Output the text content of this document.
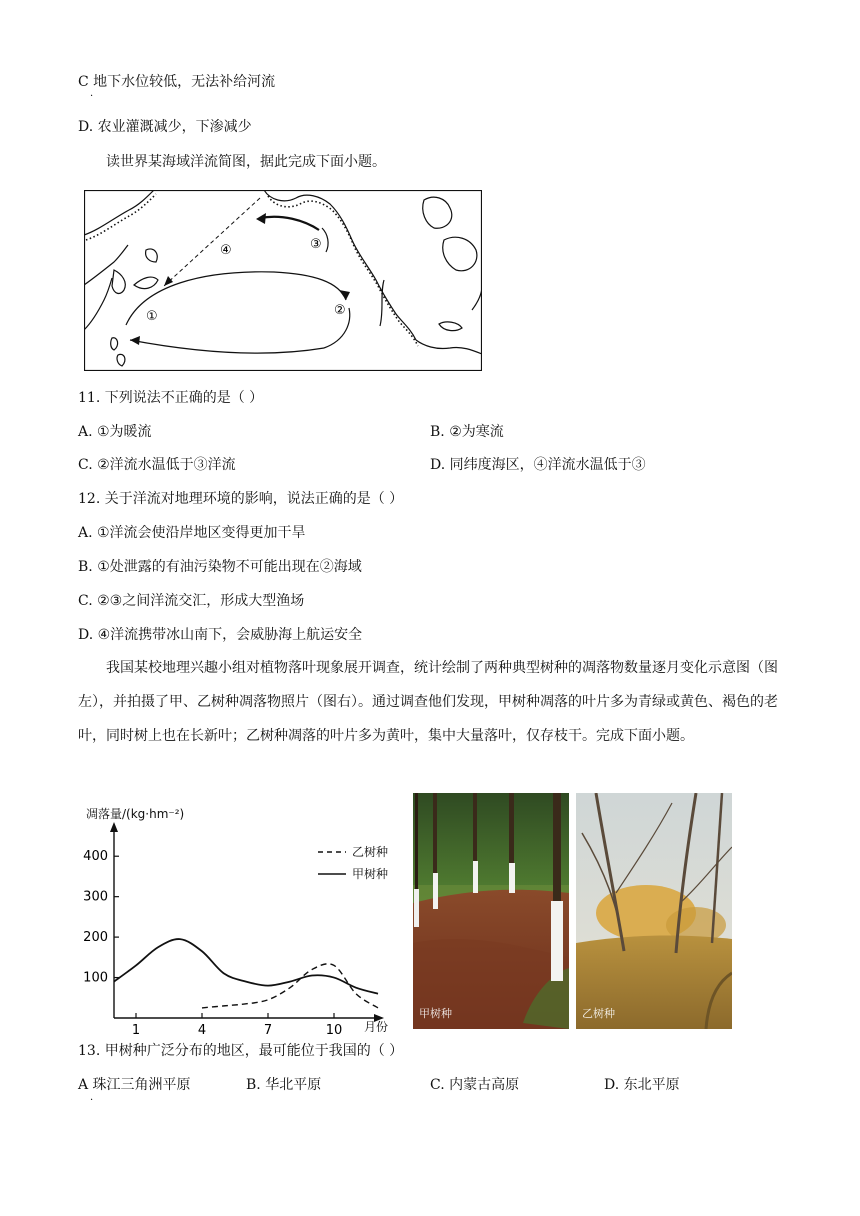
C 地下水位较低，无法补给河流
·
D. 农业灌溉减少，下渗减少
读世界某海域洋流简图，据此完成下面小题。
①	②
③
④
11. 下列说法不正确的是（ ）
A. ①为暖流	B. ②为寒流
C. ②洋流水温低于③洋流	D. 同纬度海区，④洋流水温低于③
12. 关于洋流对地理环境的影响，说法正确的是（ ）
A. ①洋流会使沿岸地区变得更加干旱
B. ①处泄露的有油污染物不可能出现在②海域
C. ②③之间洋流交汇，形成大型渔场
D. ④洋流携带冰山南下，会威胁海上航运安全
我国某校地理兴趣小组对植物落叶现象展开调查，统计绘制了两种典型树种的凋落物数量逐月变化示意图（图左），并拍摄了甲、乙树种凋落物照片（图右）。通过调查他们发现，甲树种凋落的叶片多为青绿或黄色、褐色的老叶，同时树上也在长新叶；乙树种凋落的叶片多为黄叶，集中大量落叶，仅存枝干。完成下面小题。
凋落量/(kg·hm⁻²)
月份
100
200
300
400
1	4	7	10
乙树种
甲树种
甲树种	乙树种
13. 甲树种广泛分布的地区，最可能位于我国的（ ）
A 珠江三角洲平原	B. 华北平原	C. 内蒙古高原	D. 东北平原
·
